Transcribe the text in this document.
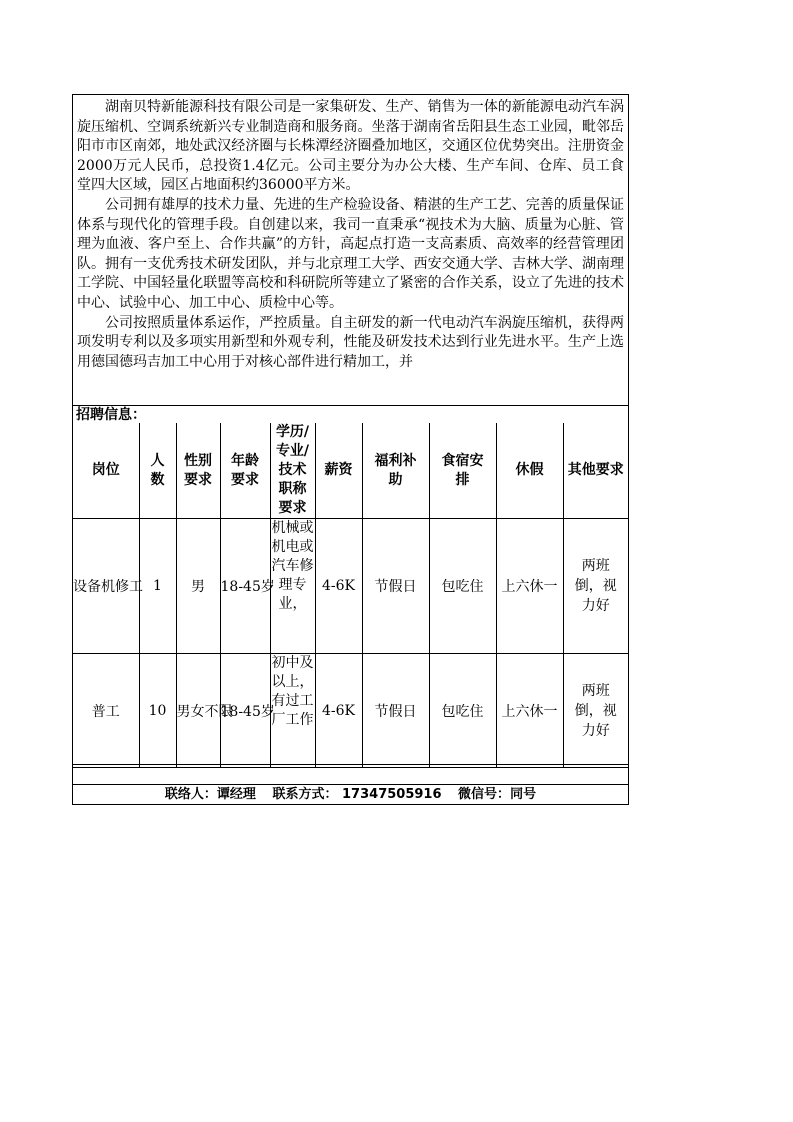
湖南贝特新能源科技有限公司是一家集研发、生产、销售为一体的新能源电动汽车涡旋压缩机、空调系统新兴专业制造商和服务商。坐落于湖南省岳阳县生态工业园，毗邻岳阳市市区南郊，地处武汉经济圈与长株潭经济圈叠加地区，交通区位优势突出。注册资金2000万元人民币，总投资1.4亿元。公司主要分为办公大楼、生产车间、仓库、员工食堂四大区域，园区占地面积约36000平方米。

公司拥有雄厚的技术力量、先进的生产检验设备、精湛的生产工艺、完善的质量保证体系与现代化的管理手段。自创建以来，我司一直秉承“视技术为大脑、质量为心脏、管理为血液、客户至上、合作共赢”的方针，高起点打造一支高素质、高效率的经营管理团队。拥有一支优秀技术研发团队，并与北京理工大学、西安交通大学、吉林大学、湖南理工学院、中国轻量化联盟等高校和科研院所等建立了紧密的合作关系，设立了先进的技术中心、试验中心、加工中心、质检中心等。

公司按照质量体系运作，严控质量。自主研发的新一代电动汽车涡旋压缩机，获得两项发明专利以及多项实用新型和外观专利，性能及研发技术达到行业先进水平。生产上选用德国德玛吉加工中心用于对核心部件进行精加工，并

招聘信息：
岗位	人数	性别要求	年龄要求	学历/专业/技术职称要求	薪资	福利补助	食宿安排	休假	其他要求

设备机修工	1	男	18-45岁	机械或机电或汽车修理专业，	4-6K	节假日	包吃住	上六休一	两班倒，视力好

普工	10	男女不限	18-45岁	初中及以上，有过工厂工作	4-6K	节假日	包吃住	上六休一	两班倒，视力好
联络人：谭经理 联系方式： 17347505916 微信号：同号
